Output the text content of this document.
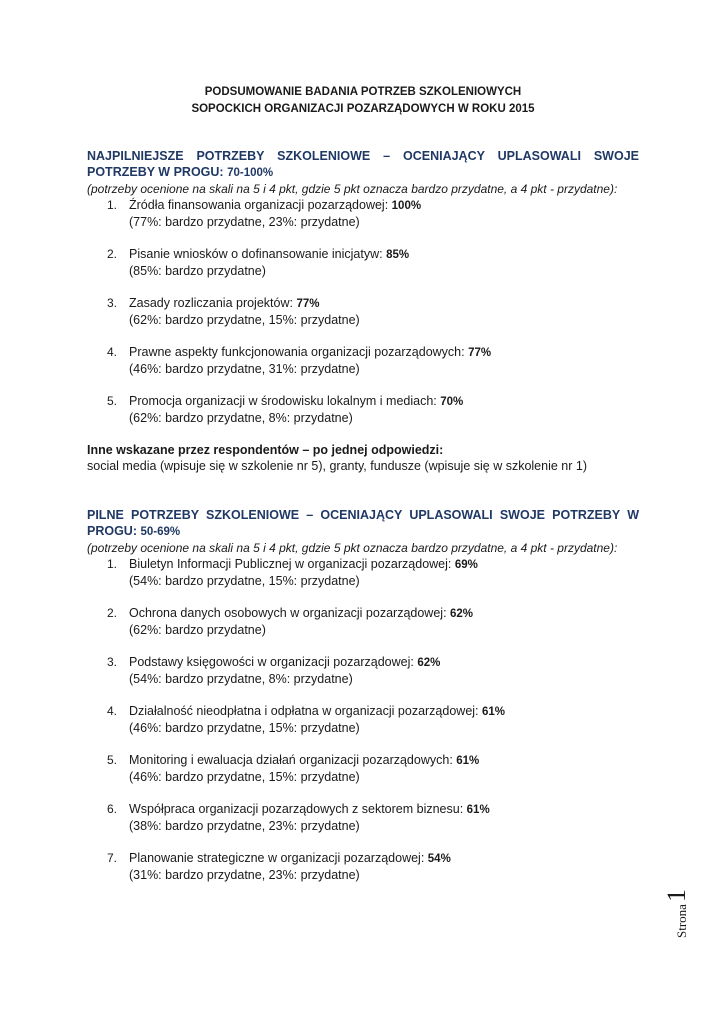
PODSUMOWANIE BADANIA POTRZEB SZKOLENIOWYCH

SOPOCKICH ORGANIZACJI POZARZĄDOWYCH W ROKU 2015

NAJPILNIEJSZE POTRZEBY SZKOLENIOWE – OCENIAJĄCY UPLASOWALI SWOJE POTRZEBY W PROGU: 70-100%

(potrzeby ocenione na skali na 5 i 4 pkt, gdzie 5 pkt oznacza bardzo przydatne, a 4 pkt - przydatne):

1. Źródła finansowania organizacji pozarządowej: 100%
(77%: bardzo przydatne, 23%: przydatne)
2. Pisanie wniosków o dofinansowanie inicjatyw: 85%
(85%: bardzo przydatne)
3. Zasady rozliczania projektów: 77%
(62%: bardzo przydatne, 15%: przydatne)
4. Prawne aspekty funkcjonowania organizacji pozarządowych: 77%
(46%: bardzo przydatne, 31%: przydatne)
5. Promocja organizacji w środowisku lokalnym i mediach: 70%
(62%: bardzo przydatne, 8%: przydatne)

Inne wskazane przez respondentów – po jednej odpowiedzi:

social media (wpisuje się w szkolenie nr 5), granty, fundusze (wpisuje się w szkolenie nr 1)

PILNE POTRZEBY SZKOLENIOWE – OCENIAJĄCY UPLASOWALI SWOJE POTRZEBY W PROGU: 50-69%

(potrzeby ocenione na skali na 5 i 4 pkt, gdzie 5 pkt oznacza bardzo przydatne, a 4 pkt - przydatne):

1. Biuletyn Informacji Publicznej w organizacji pozarządowej: 69%
(54%: bardzo przydatne, 15%: przydatne)
2. Ochrona danych osobowych w organizacji pozarządowej: 62%
(62%: bardzo przydatne)
3. Podstawy księgowości w organizacji pozarządowej: 62%
(54%: bardzo przydatne, 8%: przydatne)
4. Działalność nieodpłatna i odpłatna w organizacji pozarządowej: 61%
(46%: bardzo przydatne, 15%: przydatne)
5. Monitoring i ewaluacja działań organizacji pozarządowych: 61%
(46%: bardzo przydatne, 15%: przydatne)
6. Współpraca organizacji pozarządowych z sektorem biznesu: 61%
(38%: bardzo przydatne, 23%: przydatne)
7. Planowanie strategiczne w organizacji pozarządowej: 54%
(31%: bardzo przydatne, 23%: przydatne)
Strona1
